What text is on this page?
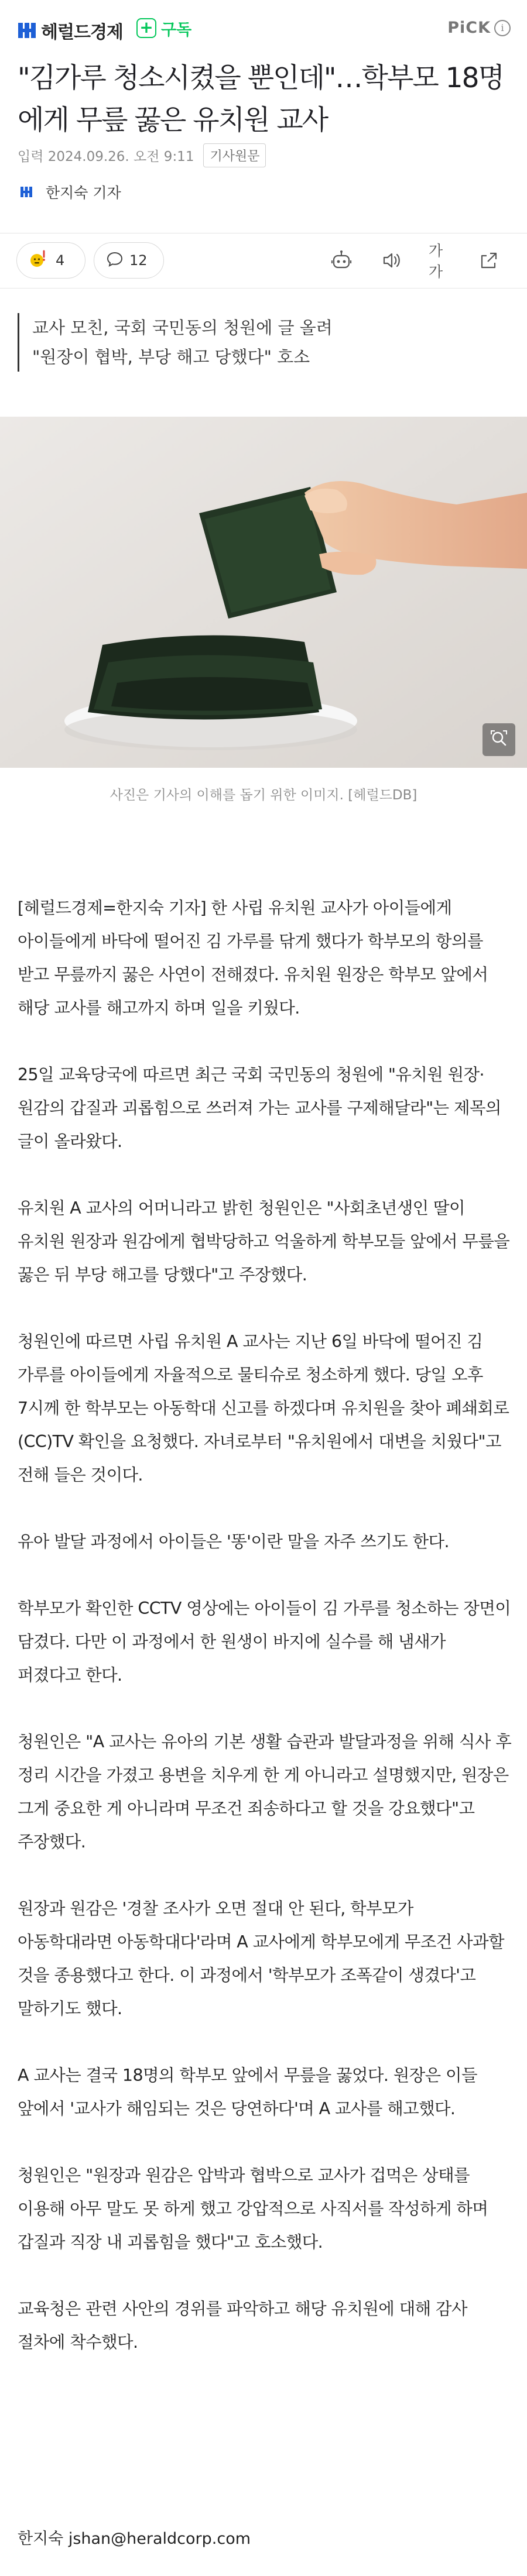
헤럴드경제 + 구독	PiCK	i
"김가루 청소시켰을 뿐인데"…학부모 18명에게 무릎 꿇은 유치원 교사
입력 2024.09.26. 오전 9:11	기사원문
한지숙 기자
4	12
가가

교사 모친, 국회 국민동의 청원에 글 올려

"원장이 협박, 부당 해고 당했다" 호소

사진은 기사의 이해를 돕기 위한 이미지. [헤럴드DB]

[헤럴드경제=한지숙 기자] 한 사립 유치원 교사가 아이들에게 아이들에게 바닥에 떨어진 김 가루를 닦게 했다가 학부모의 항의를 받고 무릎까지 꿇은 사연이 전해졌다. 유치원 원장은 학부모 앞에서 해당 교사를 해고까지 하며 일을 키웠다.

25일 교육당국에 따르면 최근 국회 국민동의 청원에 "유치원 원장·원감의 갑질과 괴롭힘으로 쓰러져 가는 교사를 구제해달라"는 제목의 글이 올라왔다.

유치원 A 교사의 어머니라고 밝힌 청원인은 "사회초년생인 딸이 유치원 원장과 원감에게 협박당하고 억울하게 학부모들 앞에서 무릎을 꿇은 뒤 부당 해고를 당했다"고 주장했다.

청원인에 따르면 사립 유치원 A 교사는 지난 6일 바닥에 떨어진 김 가루를 아이들에게 자율적으로 물티슈로 청소하게 했다. 당일 오후 7시께 한 학부모는 아동학대 신고를 하겠다며 유치원을 찾아 폐쇄회로(CC)TV 확인을 요청했다. 자녀로부터 "유치원에서 대변을 치웠다"고 전해 들은 것이다.

유아 발달 과정에서 아이들은 '똥'이란 말을 자주 쓰기도 한다.

학부모가 확인한 CCTV 영상에는 아이들이 김 가루를 청소하는 장면이 담겼다. 다만 이 과정에서 한 원생이 바지에 실수를 해 냄새가 퍼졌다고 한다.

청원인은 "A 교사는 유아의 기본 생활 습관과 발달과정을 위해 식사 후 정리 시간을 가졌고 용변을 치우게 한 게 아니라고 설명했지만, 원장은 그게 중요한 게 아니라며 무조건 죄송하다고 할 것을 강요했다"고 주장했다.

원장과 원감은 '경찰 조사가 오면 절대 안 된다, 학부모가 아동학대라면 아동학대다'라며 A 교사에게 학부모에게 무조건 사과할 것을 종용했다고 한다. 이 과정에서 '학부모가 조폭같이 생겼다'고 말하기도 했다.

A 교사는 결국 18명의 학부모 앞에서 무릎을 꿇었다. 원장은 이들 앞에서 '교사가 해임되는 것은 당연하다'며 A 교사를 해고했다.

청원인은 "원장과 원감은 압박과 협박으로 교사가 겁먹은 상태를 이용해 아무 말도 못 하게 했고 강압적으로 사직서를 작성하게 하며 갑질과 직장 내 괴롭힘을 했다"고 호소했다.

교육청은 관련 사안의 경위를 파악하고 해당 유치원에 대해 감사 절차에 착수했다.

한지숙 jshan@heraldcorp.com
